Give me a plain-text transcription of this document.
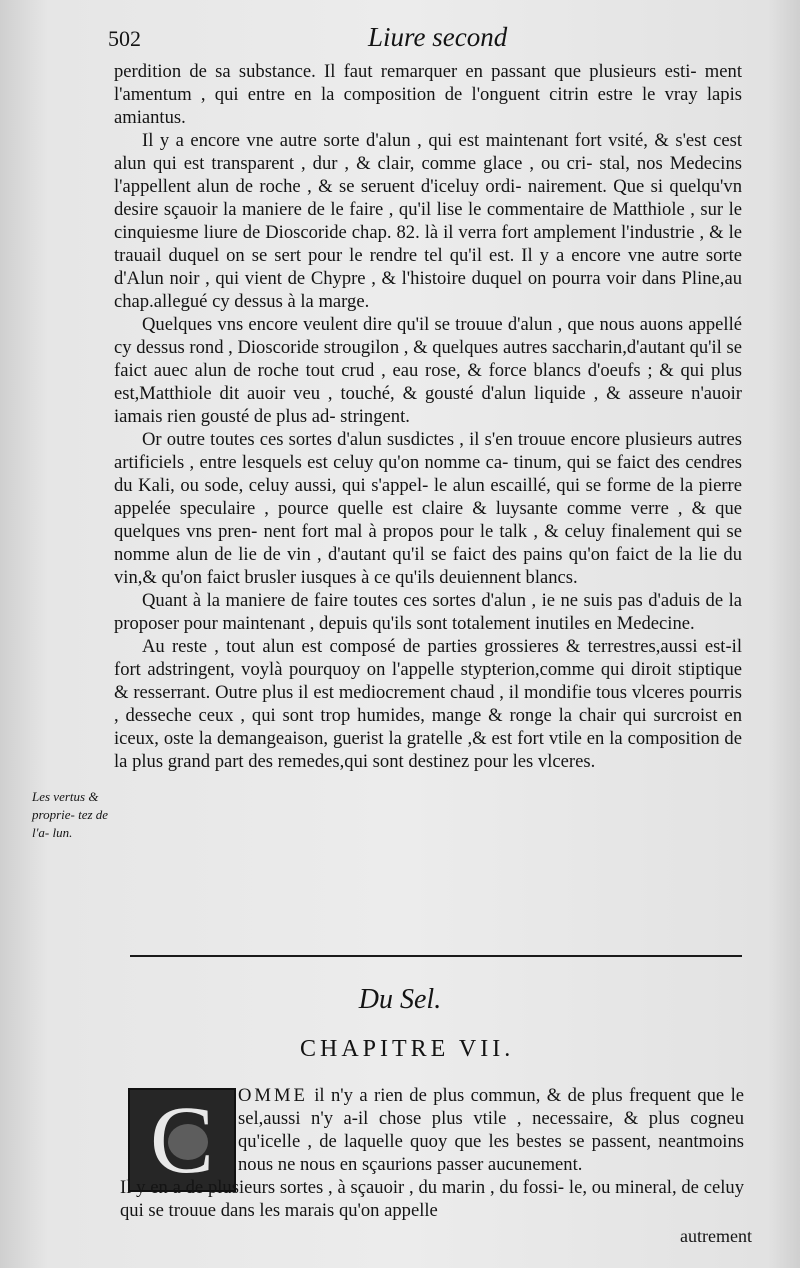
502	Liure second

perdition de sa substance. Il faut remarquer en passant que plusieurs esti- ment l'amentum , qui entre en la composition de l'onguent citrin estre le vray lapis amiantus.

Il y a encore vne autre sorte d'alun , qui est maintenant fort vsité, & s'est cest alun qui est transparent , dur , & clair, comme glace , ou cri- stal, nos Medecins l'appellent alun de roche , & se seruent d'iceluy ordi- nairement. Que si quelqu'vn desire sçauoir la maniere de le faire , qu'il lise le commentaire de Matthiole , sur le cinquiesme liure de Dioscoride chap. 82. là il verra fort amplement l'industrie , & le trauail duquel on se sert pour le rendre tel qu'il est. Il y a encore vne autre sorte d'Alun noir , qui vient de Chypre , & l'histoire duquel on pourra voir dans Pline,au chap.allegué cy dessus à la marge.

Quelques vns encore veulent dire qu'il se trouue d'alun , que nous auons appellé cy dessus rond , Dioscoride strougilon , & quelques autres saccharin,d'autant qu'il se faict auec alun de roche tout crud , eau rose, & force blancs d'oeufs ; & qui plus est,Matthiole dit auoir veu , touché, & gousté d'alun liquide , & asseure n'auoir iamais rien gousté de plus ad- stringent.

Or outre toutes ces sortes d'alun susdictes , il s'en trouue encore plusieurs autres artificiels , entre lesquels est celuy qu'on nomme ca- tinum, qui se faict des cendres du Kali, ou sode, celuy aussi, qui s'appel- le alun escaillé, qui se forme de la pierre appelée speculaire , pource quelle est claire & luysante comme verre , & que quelques vns pren- nent fort mal à propos pour le talk , & celuy finalement qui se nomme alun de lie de vin , d'autant qu'il se faict des pains qu'on faict de la lie du vin,& qu'on faict brusler iusques à ce qu'ils deuiennent blancs.

Quant à la maniere de faire toutes ces sortes d'alun , ie ne suis pas d'aduis de la proposer pour maintenant , depuis qu'ils sont totalement inutiles en Medecine.

Au reste , tout alun est composé de parties grossieres & terrestres,aussi est-il fort adstringent, voylà pourquoy on l'appelle stypterion,comme qui diroit stiptique & resserrant. Outre plus il est mediocrement chaud , il mondifie tous vlceres pourris , desseche ceux , qui sont trop humides, mange & ronge la chair qui surcroist en iceux, oste la demangeaison, guerist la gratelle ,& est fort vtile en la composition de la plus grand part des remedes,qui sont destinez pour les vlceres.

Les vertus & proprie- tez de l'a- lun.
Du Sel.
CHAPITRE VII.
C	OMME il n'y a rien de plus commun, & de plus frequent que le sel,aussi n'y a-il chose plus vtile , necessaire, & plus cogneu qu'icelle , de laquelle quoy que les bestes se passent, neantmoins nous ne nous en sçaurions passer aucunement.
Il y en a de plusieurs sortes , à sçauoir , du marin , du fossi- le, ou mineral, de celuy qui se trouue dans les marais qu'on appelle
autrement
